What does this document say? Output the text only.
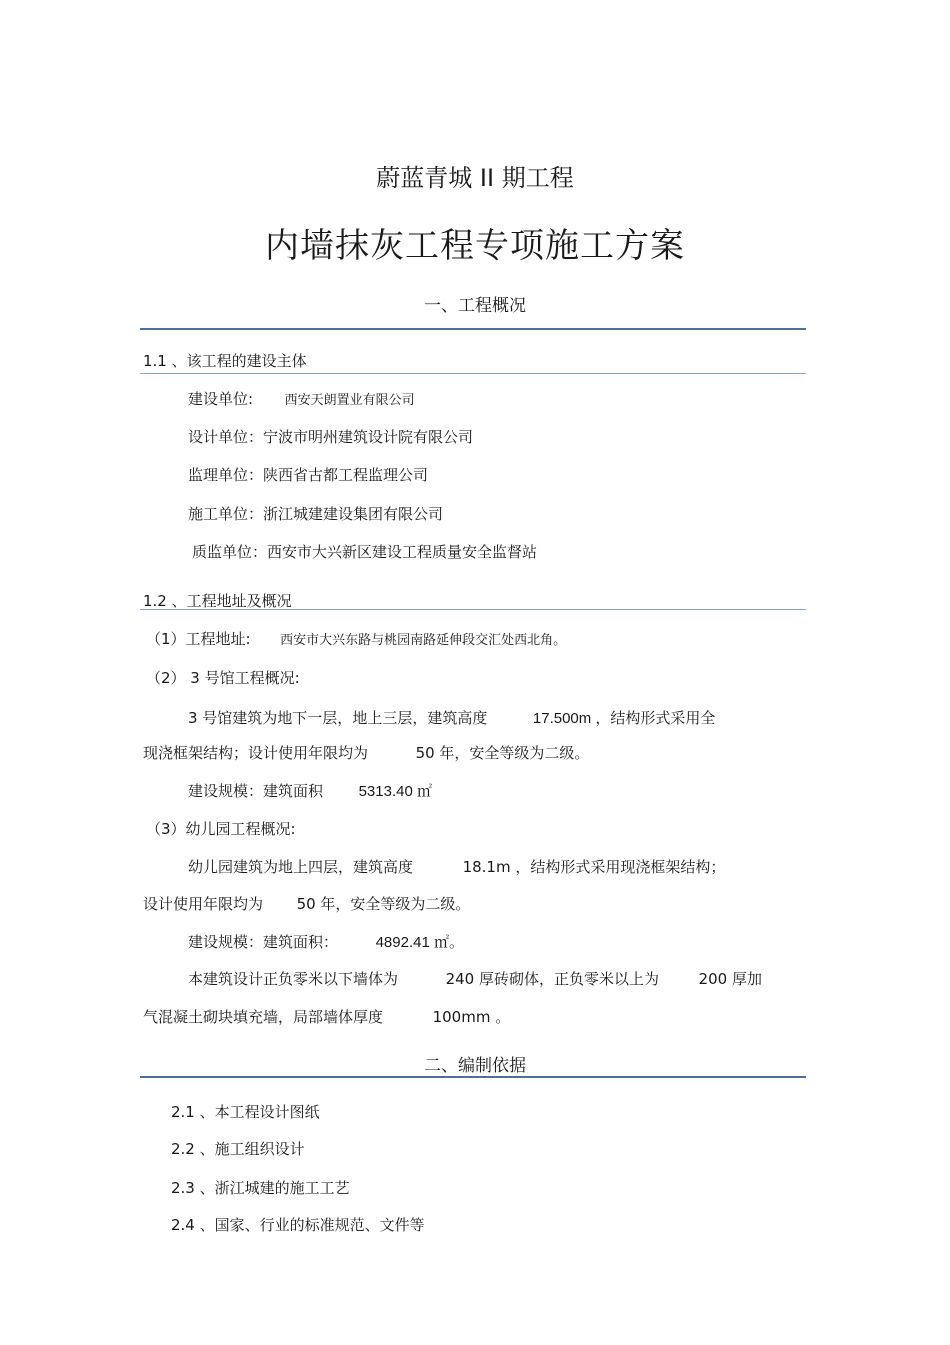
蔚蓝青城 II 期工程
内墙抹灰工程专项施工方案
一、工程概况
1.1 、该工程的建设主体
建设单位: 西安天朗置业有限公司
设计单位：宁波市明州建筑设计院有限公司
监理单位：陕西省古都工程监理公司
施工单位：浙江城建建设集团有限公司
质监单位：西安市大兴新区建设工程质量安全监督站
1.2 、工程地址及概况
（1）工程地址: 西安市大兴东路与桃园南路延伸段交汇处西北角。
（2） 3 号馆工程概况:
3 号馆建筑为地下一层，地上三层，建筑高度	17.500m ，结构形式采用全
现浇框架结构；设计使用年限均为	50 年，安全等级为二级。
建设规模：建筑面积 5313.40 ㎡
（3）幼儿园工程概况:
幼儿园建筑为地上四层，建筑高度	18.1m ，结构形式采用现浇框架结构；
设计使用年限均为 50 年，安全等级为二级。
建设规模：建筑面积：	4892.41 ㎡。
本建筑设计正负零米以下墙体为	240 厚砖砌体，正负零米以上为	200 厚加
气混凝土砌块填充墙，局部墙体厚度	100mm 。
二、编制依据
2.1 、本工程设计图纸
2.2 、施工组织设计
2.3 、浙江城建的施工工艺
2.4 、国家、行业的标准规范、文件等
